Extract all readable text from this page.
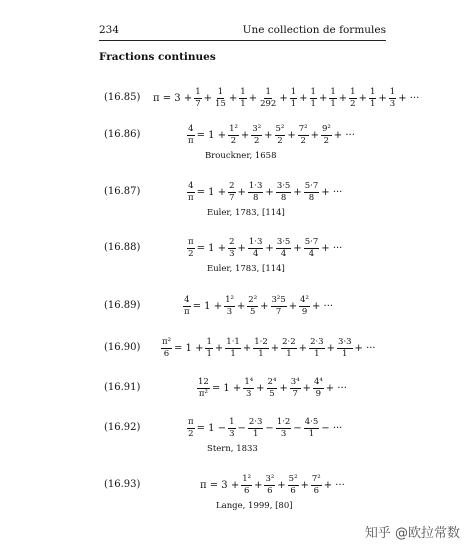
234	Une collection de formules
Fractions continues
(16.85) $\pi = 3 + \frac{1}{7} + \frac{1}{15} + \frac{1}{1} + \frac{1}{292} + \frac{1}{1} + \frac{1}{1} + \frac{1}{1} + \frac{1}{2} + \frac{1}{1} + \frac{1}{3}$ + ···
(16.86)	$\frac{4}{\pi} = 1 + \frac{\text{1²}}{2} + \frac{\text{3²}}{2} + \frac{\text{5²}}{2} + \frac{\text{7²}}{2} + \frac{\text{9²}}{2}$ + ···
Brouckner, 1658
(16.87)	$\frac{4}{\pi} = 1 + \frac{2}{7} + \frac{1\cdot 3}{8} + \frac{3\cdot 5}{8} + \frac{5\cdot 7}{8}$ + ···
Euler, 1783, [114]
(16.88)	$\frac{\pi}{2} = 1 + \frac{2}{3} + \frac{1\cdot 3}{4} + \frac{3\cdot 5}{4} + \frac{5\cdot 7}{4}$ + ···
Euler, 1783, [114]
(16.89)	$\frac{4}{\pi} = 1 + \frac{\text{1²}}{3} + \frac{\text{2²}}{5} + \frac{\text{3²5}}{7} + \frac{\text{4²}}{9}$ + ···
$(16.90) \frac{\text{π²}}{6} = 1 + \frac{1}{1} + \frac{1\cdot 1}{1} + \frac{1\cdot 2}{1} + \frac{2\cdot 2}{1} + \frac{2\cdot 3}{1} + \frac{3\cdot 3}{1}$ + ···
(16.91)	$\frac{12}{\text{π²}} = 1 + \frac{\text{1⁴}}{3} + \frac{\text{2⁴}}{5} + \frac{\text{3⁴}}{7} + \frac{\text{4⁴}}{9}$ + ···
(16.92)	$\frac{\pi}{2} = 1 - \frac{1}{3} - \frac{2\cdot 3}{1} - \frac{1\cdot 2}{3} - \frac{4\cdot 5}{1}$ − ···
Stern, 1833
(16.93)	$\pi = 3 + \frac{\text{1²}}{6} + \frac{\text{3²}}{6} + \frac{\text{5²}}{6} + \frac{\text{7²}}{6}$ + ···
Lange, 1999, [80]
知乎 @欧拉常数
